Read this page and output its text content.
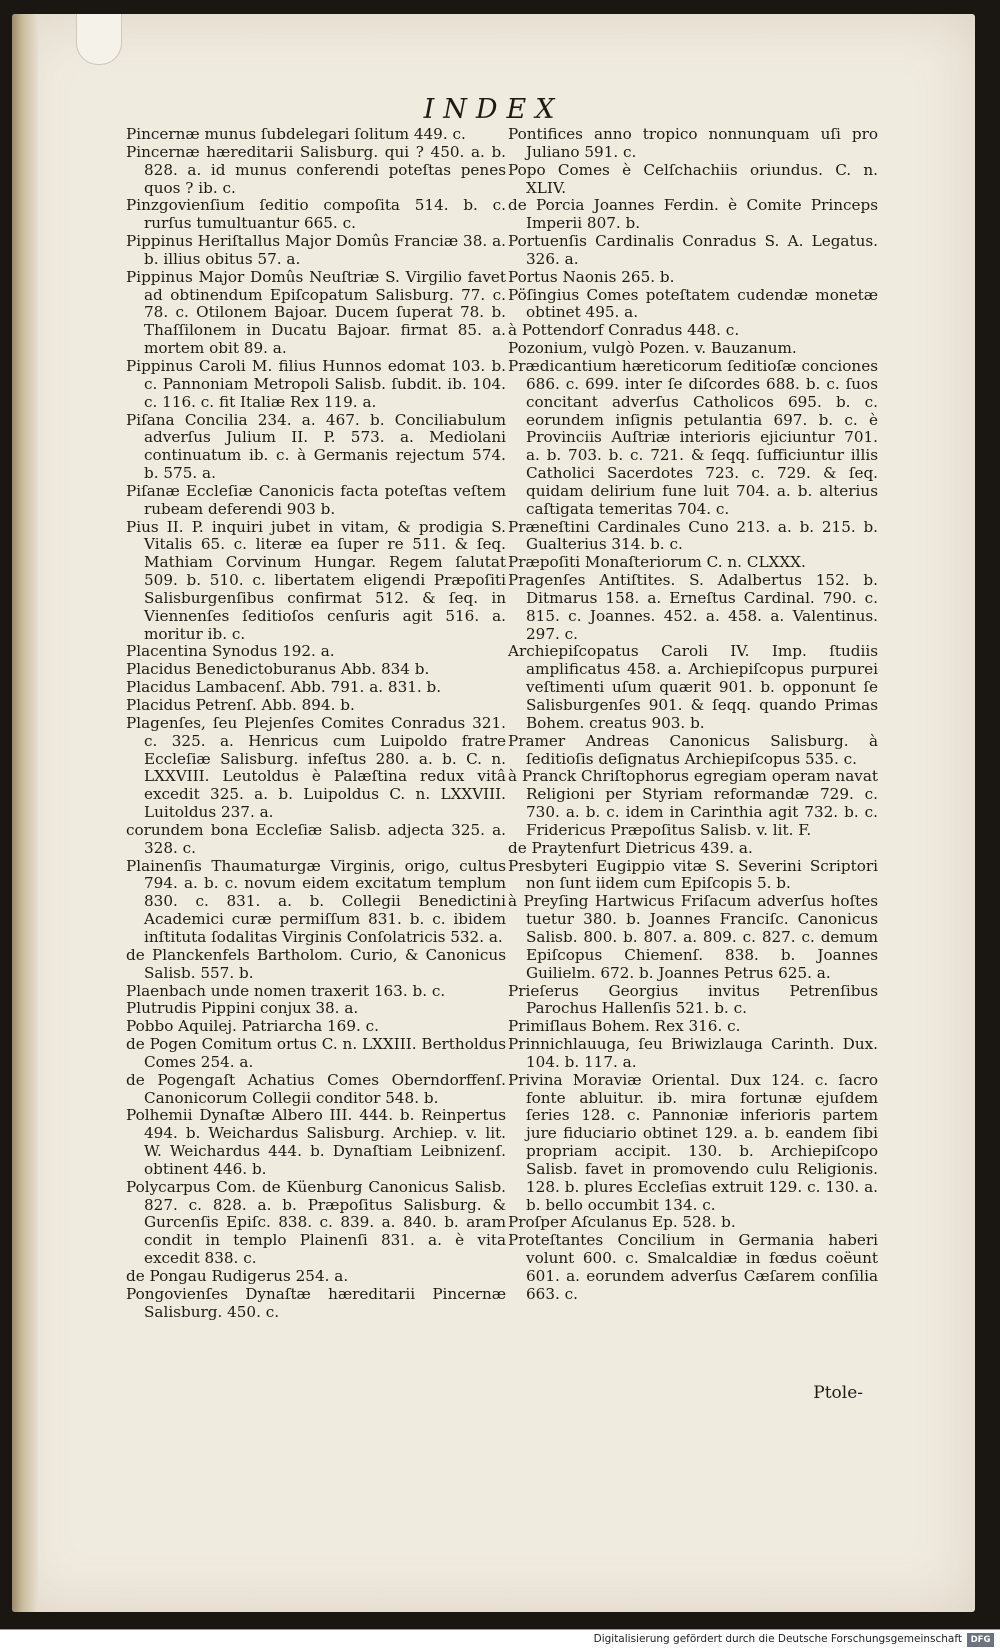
INDEX

Pincernæ munus ſubdelegari ſolitum 449. c.

Pincernæ hæreditarii Salisburg. qui ? 450. a. b. 828. a. id munus conferendi poteſtas penes quos ? ib. c.

Pinzgovienſium ſeditio compoſita 514. b. c. rurſus tumultuantur 665. c.

Pippinus Heriſtallus Major Domûs Franciæ 38. a. b. illius obitus 57. a.

Pippinus Major Domûs Neuſtriæ S. Virgilio favet ad obtinendum Epiſcopatum Salisburg. 77. c. 78. c. Otilonem Bajoar. Ducem ſuperat 78. b. Thaſſilonem in Ducatu Bajoar. firmat 85. a. mortem obit 89. a.

Pippinus Caroli M. filius Hunnos edomat 103. b. c. Pannoniam Metropoli Salisb. ſubdit. ib. 104. c. 116. c. fit Italiæ Rex 119. a.

Piſana Concilia 234. a. 467. b. Conciliabulum adverſus Julium II. P. 573. a. Mediolani continuatum ib. c. à Germanis rejectum 574. b. 575. a.

Piſanæ Eccleſiæ Canonicis facta poteſtas veſtem rubeam deferendi 903 b.

Pius II. P. inquiri jubet in vitam, & prodigia S. Vitalis 65. c. literæ ea ſuper re 511. & ſeq. Mathiam Corvinum Hungar. Regem ſalutat 509. b. 510. c. libertatem eligendi Præpoſiti Salisburgenſibus confirmat 512. & ſeq. in Viennenſes ſeditioſos cenſuris agit 516. a. moritur ib. c.

Placentina Synodus 192. a.

Placidus Benedictoburanus Abb. 834 b.

Placidus Lambacenſ. Abb. 791. a. 831. b.

Placidus Petrenſ. Abb. 894. b.

Plagenſes, ſeu Plejenſes Comites Conradus 321. c. 325. a. Henricus cum Luipoldo fratre Eccleſiæ Salisburg. infeſtus 280. a. b. C. n. LXXVIII. Leutoldus è Palæſtina redux vitâ excedit 325. a. b. Luipoldus C. n. LXXVIII. Luitoldus 237. a.

corundem bona Eccleſiæ Salisb. adjecta 325. a. 328. c.

Plainenſis Thaumaturgæ Virginis, origo, cultus 794. a. b. c. novum eidem excitatum templum 830. c. 831. a. b. Collegii Benedictini Academici curæ permiſſum 831. b. c. ibidem inſtituta ſodalitas Virginis Conſolatricis 532. a.

de Planckenfels Bartholom. Curio, & Canonicus Salisb. 557. b.

Plaenbach unde nomen traxerit 163. b. c.

Plutrudis Pippini conjux 38. a.

Pobbo Aquilej. Patriarcha 169. c.

de Pogen Comitum ortus C. n. LXXIII. Bertholdus Comes 254. a.

de Pogengaſt Achatius Comes Oberndorffenſ. Canonicorum Collegii conditor 548. b.

Polhemii Dynaſtæ Albero III. 444. b. Reinpertus 494. b. Weichardus Salisburg. Archiep. v. lit. W. Weichardus 444. b. Dynaſtiam Leibnizenſ. obtinent 446. b.

Polycarpus Com. de Küenburg Canonicus Salisb. 827. c. 828. a. b. Præpoſitus Salisburg. & Gurcenſis Epiſc. 838. c. 839. a. 840. b. aram condit in templo Plainenſi 831. a. è vita excedit 838. c.

de Pongau Rudigerus 254. a.

Pongovienſes Dynaſtæ hæreditarii Pincernæ Salisburg. 450. c.

Pontifices anno tropico nonnunquam uſi pro Juliano 591. c.

Popo Comes è Celſchachiis oriundus. C. n. XLIV.

de Porcia Joannes Ferdin. è Comite Princeps Imperii 807. b.

Portuenſis Cardinalis Conradus S. A. Legatus. 326. a.

Portus Naonis 265. b.

Pöſingius Comes poteſtatem cudendæ monetæ obtinet 495. a.

à Pottendorf Conradus 448. c.

Pozonium, vulgò Pozen. v. Bauzanum.

Prædicantium hæreticorum ſeditioſæ conciones 686. c. 699. inter ſe diſcordes 688. b. c. ſuos concitant adverſus Catholicos 695. b. c. eorundem inſignis petulantia 697. b. c. è Provinciis Auſtriæ interioris ejiciuntur 701. a. b. 703. b. c. 721. & ſeqq. ſufficiuntur illis Catholici Sacerdotes 723. c. 729. & ſeq. quidam delirium fune luit 704. a. b. alterius caſtigata temeritas 704. c.

Præneſtini Cardinales Cuno 213. a. b. 215. b. Gualterius 314. b. c.

Præpoſiti Monaſteriorum C. n. CLXXX.

Pragenſes Antiſtites. S. Adalbertus 152. b. Ditmarus 158. a. Erneſtus Cardinal. 790. c. 815. c. Joannes. 452. a. 458. a. Valentinus. 297. c.

Archiepiſcopatus Caroli IV. Imp. ſtudiis amplificatus 458. a. Archiepiſcopus purpurei veſtimenti uſum quærit 901. b. opponunt ſe Salisburgenſes 901. & ſeqq. quando Primas Bohem. creatus 903. b.

Pramer Andreas Canonicus Salisburg. à ſeditioſis deſignatus Archiepiſcopus 535. c.

à Pranck Chriſtophorus egregiam operam navat Religioni per Styriam reformandæ 729. c. 730. a. b. c. idem in Carinthia agit 732. b. c. Fridericus Præpoſitus Salisb. v. lit. F.

de Praytenfurt Dietricus 439. a.

Presbyteri Eugippio vitæ S. Severini Scriptori non ſunt iidem cum Epiſcopis 5. b.

à Preyſing Hartwicus Friſacum adverſus hoſtes tuetur 380. b. Joannes Franciſc. Canonicus Salisb. 800. b. 807. a. 809. c. 827. c. demum Epiſcopus Chiemenſ. 838. b. Joannes Guilielm. 672. b. Joannes Petrus 625. a.

Prieſerus Georgius invitus Petrenſibus Parochus Hallenſis 521. b. c.

Primiſlaus Bohem. Rex 316. c.

Prinnichlauuga, ſeu Briwizlauga Carinth. Dux. 104. b. 117. a.

Privina Moraviæ Oriental. Dux 124. c. ſacro fonte abluitur. ib. mira fortunæ ejuſdem ſeries 128. c. Pannoniæ inferioris partem jure fiduciario obtinet 129. a. b. eandem ſibi propriam accipit. 130. b. Archiepiſcopo Salisb. favet in promovendo culu Religionis. 128. b. plures Eccleſias extruit 129. c. 130. a. b. bello occumbit 134. c.

Proſper Aſculanus Ep. 528. b.

Proteſtantes Concilium in Germania haberi volunt 600. c. Smalcaldiæ in fœdus coëunt 601. a. eorundem adverſus Cæſarem conſilia 663. c.

Ptole-
Digitalisierung gefördert durch die Deutsche Forschungsgemeinschaft	DFG
